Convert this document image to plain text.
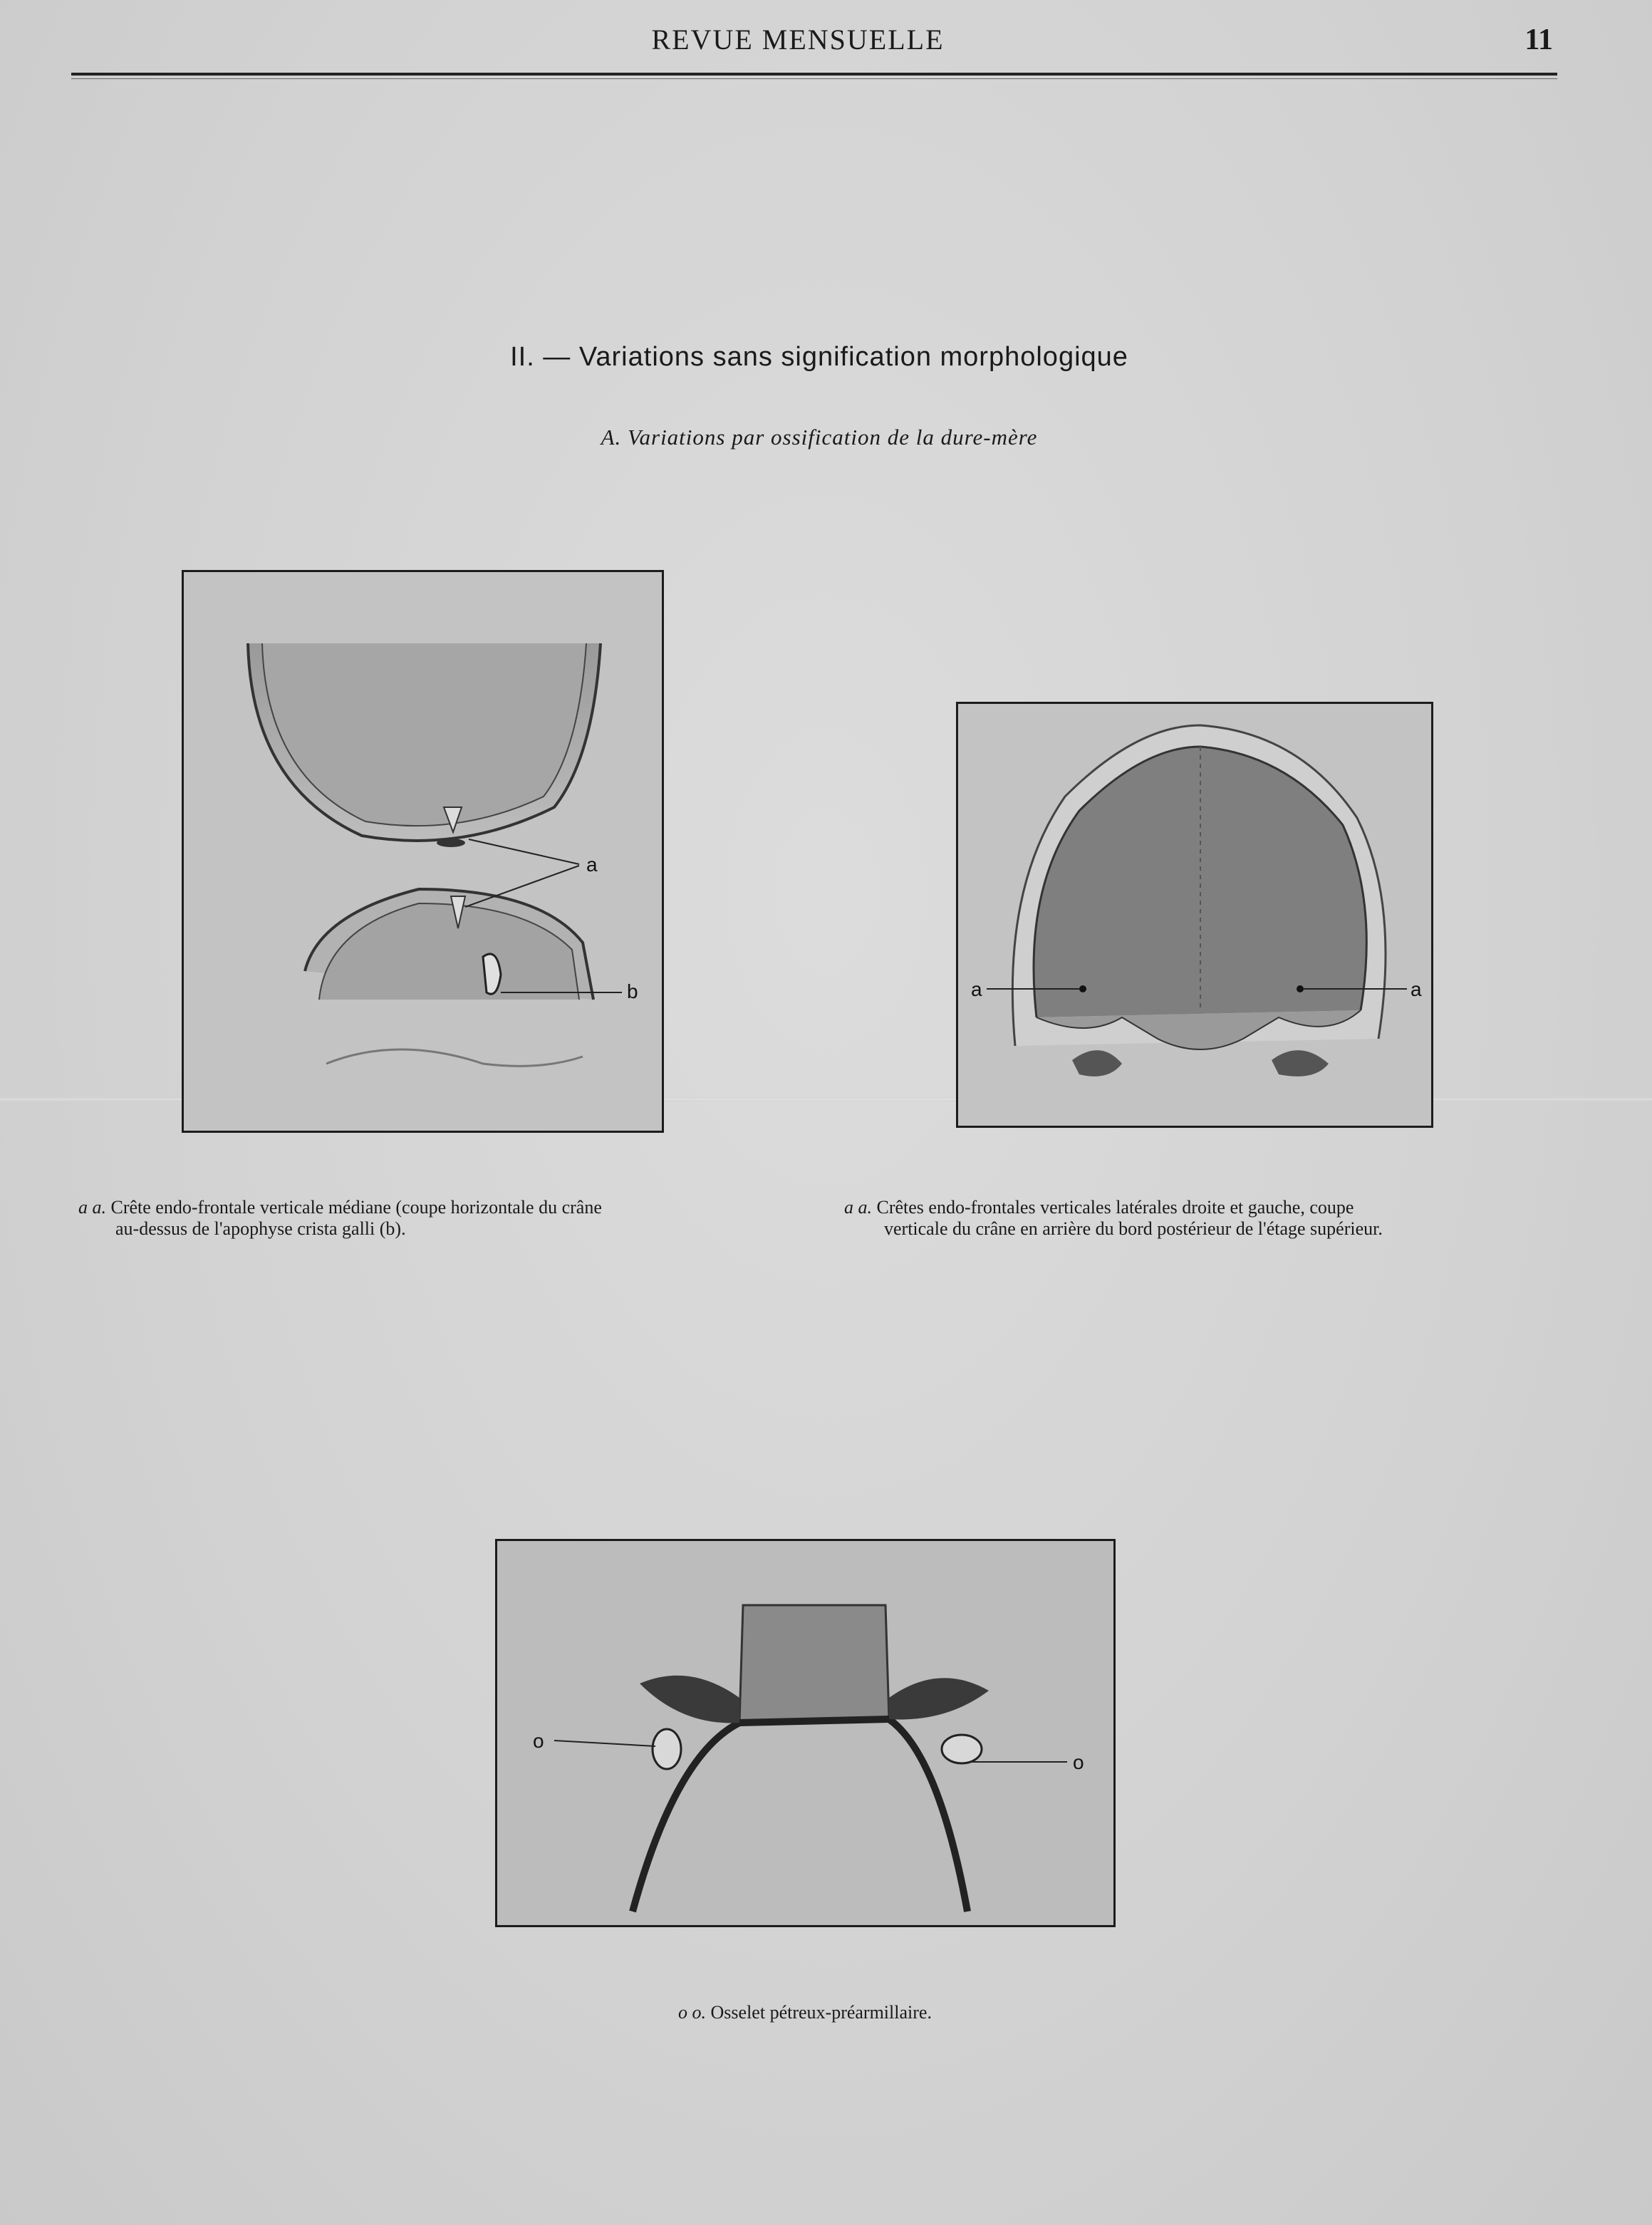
REVUE MENSUELLE	11
II. — Variations sans signification morphologique
A. Variations par ossification de la dure-mère
a
b	a	a
o
o
a a. Crête endo-frontale verticale médiane (coupe horizontale du crâne
au-dessus de l'apophyse crista galli (b).
a a. Crêtes endo-frontales verticales latérales droite et gauche, coupe
verticale du crâne en arrière du bord postérieur de l'étage supérieur.
o o. Osselet pétreux-préarmillaire.
